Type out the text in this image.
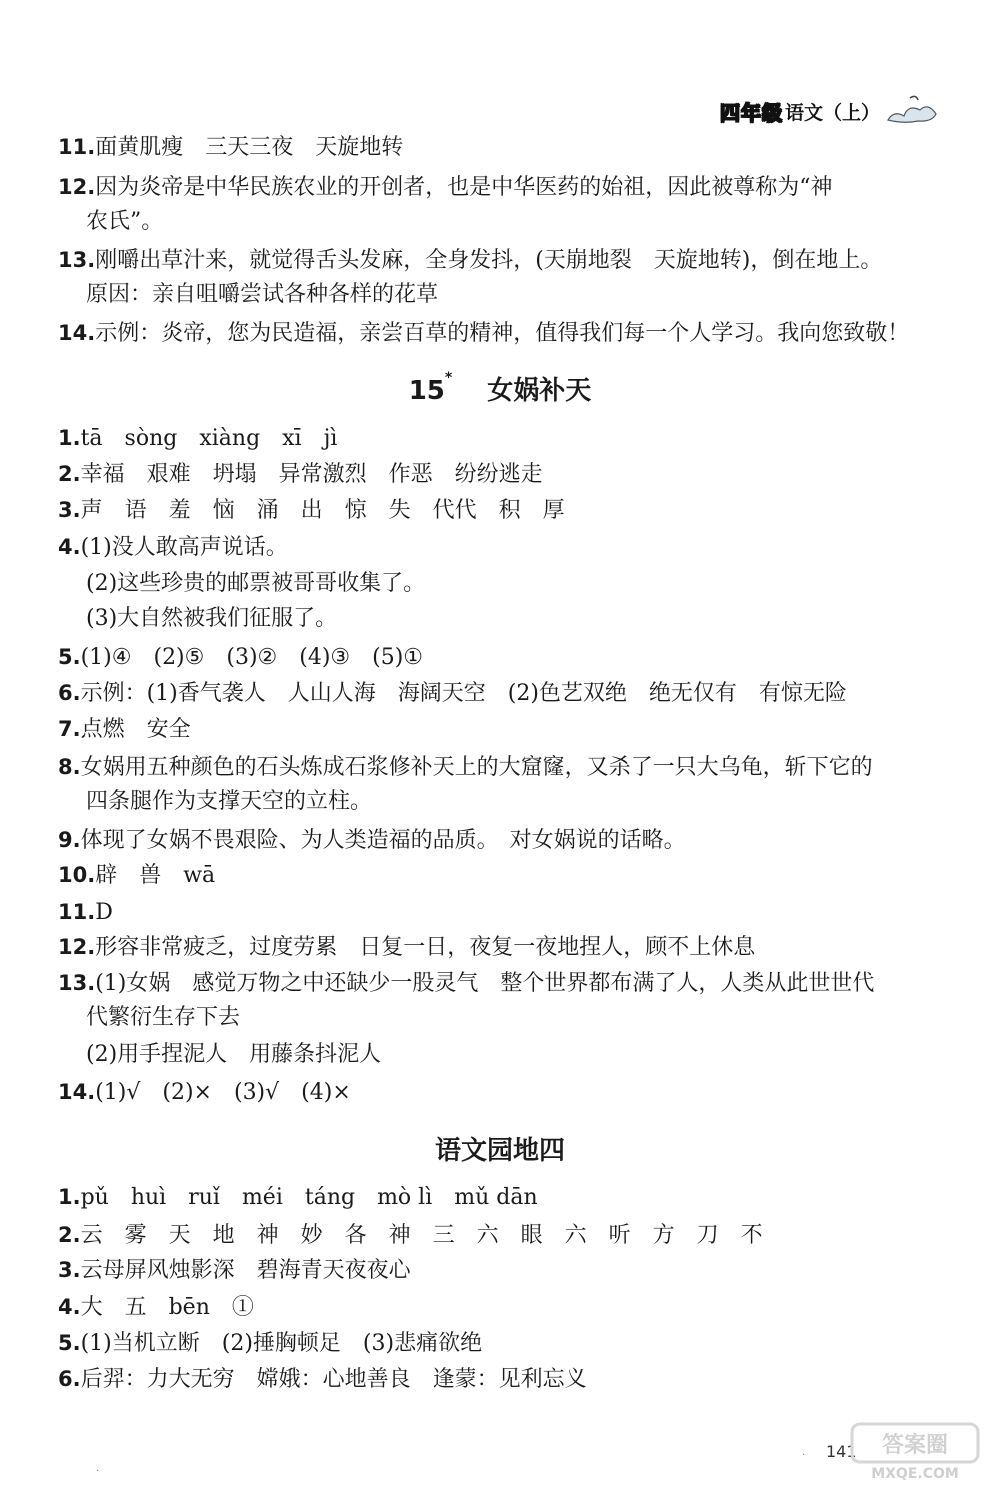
四年级 语文（上）
11.面黄肌瘦　三天三夜　天旋地转
12.因为炎帝是中华民族农业的开创者，也是中华医药的始祖，因此被尊称为“神
农氏”。
13.刚嚼出草汁来，就觉得舌头发麻，全身发抖，(天崩地裂　天旋地转)，倒在地上。
原因：亲自咀嚼尝试各种各样的花草
14.示例：炎帝，您为民造福，亲尝百草的精神，值得我们每一个人学习。我向您致敬！
15*　 女娲补天
1.tā　sòng　xiàng　xī　jì
2.幸福　艰难　坍塌　异常激烈　作恶　纷纷逃走
3.声　语　羞　恼　涌　出　惊　失　代代　积　厚
4.(1)没人敢高声说话。
(2)这些珍贵的邮票被哥哥收集了。
(3)大自然被我们征服了。
5.(1)④　(2)⑤　(3)②　(4)③　(5)①
6.示例：(1)香气袭人　人山人海　海阔天空　(2)色艺双绝　绝无仅有　有惊无险
7.点燃　安全
8.女娲用五种颜色的石头炼成石浆修补天上的大窟窿，又杀了一只大乌龟，斩下它的
四条腿作为支撑天空的立柱。
9.体现了女娲不畏艰险、为人类造福的品质。　对女娲说的话略。
10.辟　兽　wā
11.D
12.形容非常疲乏，过度劳累　日复一日，夜复一夜地捏人，顾不上休息
13.(1)女娲　感觉万物之中还缺少一股灵气　整个世界都布满了人，人类从此世世代
代繁衍生存下去
(2)用手捏泥人　用藤条抖泥人
14.(1)√　(2)×　(3)√　(4)×
语文园地四
1.pǔ　huì　ruǐ　méi　táng　mò lì　mǔ dān
2.云　雾　天　地　神　妙　各　神　三　六　眼　六　听　方　刀　不
3.云母屏风烛影深　碧海青天夜夜心
4.大　五　bēn　①
5.(1)当机立断　(2)捶胸顿足　(3)悲痛欲绝
6.后羿：力大无穷　嫦娥：心地善良　逢蒙：见利忘义
141 答案圈
MXQE.COM
·
·
